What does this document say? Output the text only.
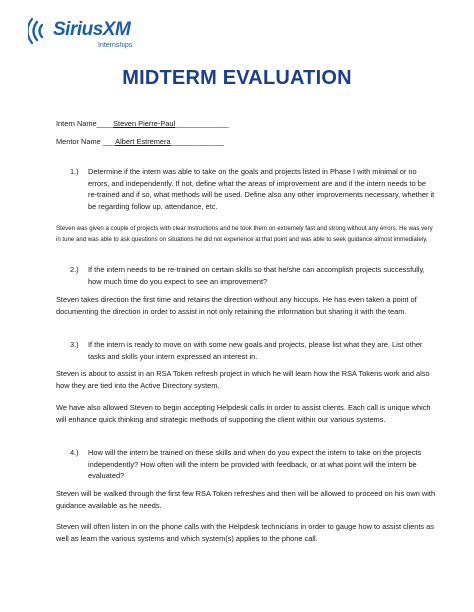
SiriusXM
Internships
MIDTERM EVALUATION
Intern Name____Steven Pierre-Paul_____________
Mentor Name ___Albert Estremera_____________
1.) Determine if the intern was able to take on the goals and projects listed in Phase I with minimal or no errors, and independently. If not, define what the areas of improvement are and if the intern needs to be re-trained and if so, what methods will be used. Define also any other improvements necessary, whether it be regarding follow up, attendance, etc.
Steven was given a couple of projects with clear instructions and he took them on extremely fast and strong without any errors. He was very in tune and was able to ask questions on situations he did not experience at that point and was able to seek guidance almost immediately.
2.) If the intern needs to be re-trained on certain skills so that he/she can accomplish projects successfully, how much time do you expect to see an improvement?
Steven takes direction the first time and retains the direction without any hiccups. He has even taken a point of documenting the direction in order to assist in not only retaining the information but sharing it with the team.
3.) If the intern is ready to move on with some new goals and projects, please list what they are. List other tasks and skills your intern expressed an interest in.
Steven is about to assist in an RSA Token refresh project in which he will learn how the RSA Tokens work and also how they are tied into the Active Directory system.
We have also allowed Steven to begin accepting Helpdesk calls in order to assist clients. Each call is unique which will enhance quick thinking and strategic methods of supporting the client within our various systems.
4.) How will the intern be trained on these skills and when do you expect the intern to take on the projects independently? How often will the intern be provided with feedback, or at what point will the intern be evaluated?
Steven will be walked through the first few RSA Token refreshes and then will be allowed to proceed on his own with guidance available as he needs.
Steven will often listen in on the phone calls with the Helpdesk technicians in order to gauge how to assist clients as well as learn the various systems and which system(s) applies to the phone call.
